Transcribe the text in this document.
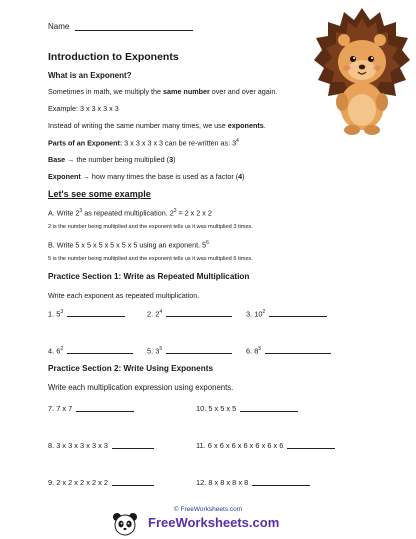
Name
Introduction to Exponents
What is an Exponent?
Sometimes in math, we multiply the same number over and over again.
Example: 3 x 3 x 3 x 3
Instead of writing the same number many times, we use exponents.
Parts of an Exponent: 3 x 3 x 3 x 3 can be re-written as: $3^4$
Base → the number being multiplied (3)
Exponent → how many times the base is used as a factor (4)
Let's see some example
A. Write $2^3$ as repeated multiplication. $2^3 = 2$ x 2 x 2
2 is the number being multiplied and the exponent tells us it was multiplied 3 times.
B. Write 5 x 5 x 5 x 5 x 5 x 5 using an exponent. $5^6$
5 is the number being multiplied and the exponent tells us it was multiplied 6 times.
Practice Section 1: Write as Repeated Multiplication
Write each exponent as repeated multiplication.
1. $5^3$	2. $2^4$	3. $10^2$
4. $6^2$	5. $3^5$	6. $8^5$
Practice Section 2: Write Using Exponents
Write each multiplication expression using exponents.
7. 7 x 7	10. 5 x 5 x 5
8. 3 x 3 x 3 x 3 x 3	11. 6 x 6 x 6 x 6 x 6 x 6 x 6
9. 2 x 2 x 2 x 2 x 2	12. 8 x 8 x 8 x 8
© FreeWorksheets.com
FreeWorksheets.com
